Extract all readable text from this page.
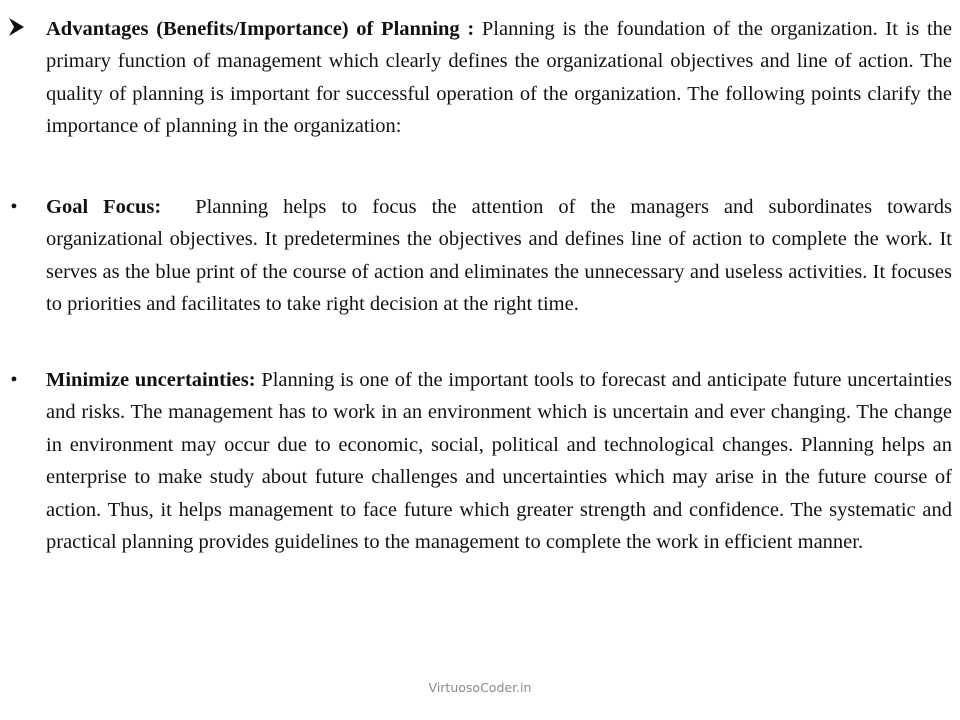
Advantages (Benefits/Importance) of Planning : Planning is the foundation of the organization. It is the primary function of management which clearly defines the organizational objectives and line of action. The quality of planning is important for successful operation of the organization. The following points clarify the importance of planning in the organization:

• Goal Focus: Planning helps to focus the attention of the managers and subordinates towards organizational objectives. It predetermines the objectives and defines line of action to complete the work. It serves as the blue print of the course of action and eliminates the unnecessary and useless activities. It focuses to priorities and facilitates to take right decision at the right time.

• Minimize uncertainties: Planning is one of the important tools to forecast and anticipate future uncertainties and risks. The management has to work in an environment which is uncertain and ever changing. The change in environment may occur due to economic, social, political and technological changes. Planning helps an enterprise to make study about future challenges and uncertainties which may arise in the future course of action. Thus, it helps management to face future which greater strength and confidence. The systematic and practical planning provides guidelines to the management to complete the work in efficient manner.

VirtuosoCoder.in
